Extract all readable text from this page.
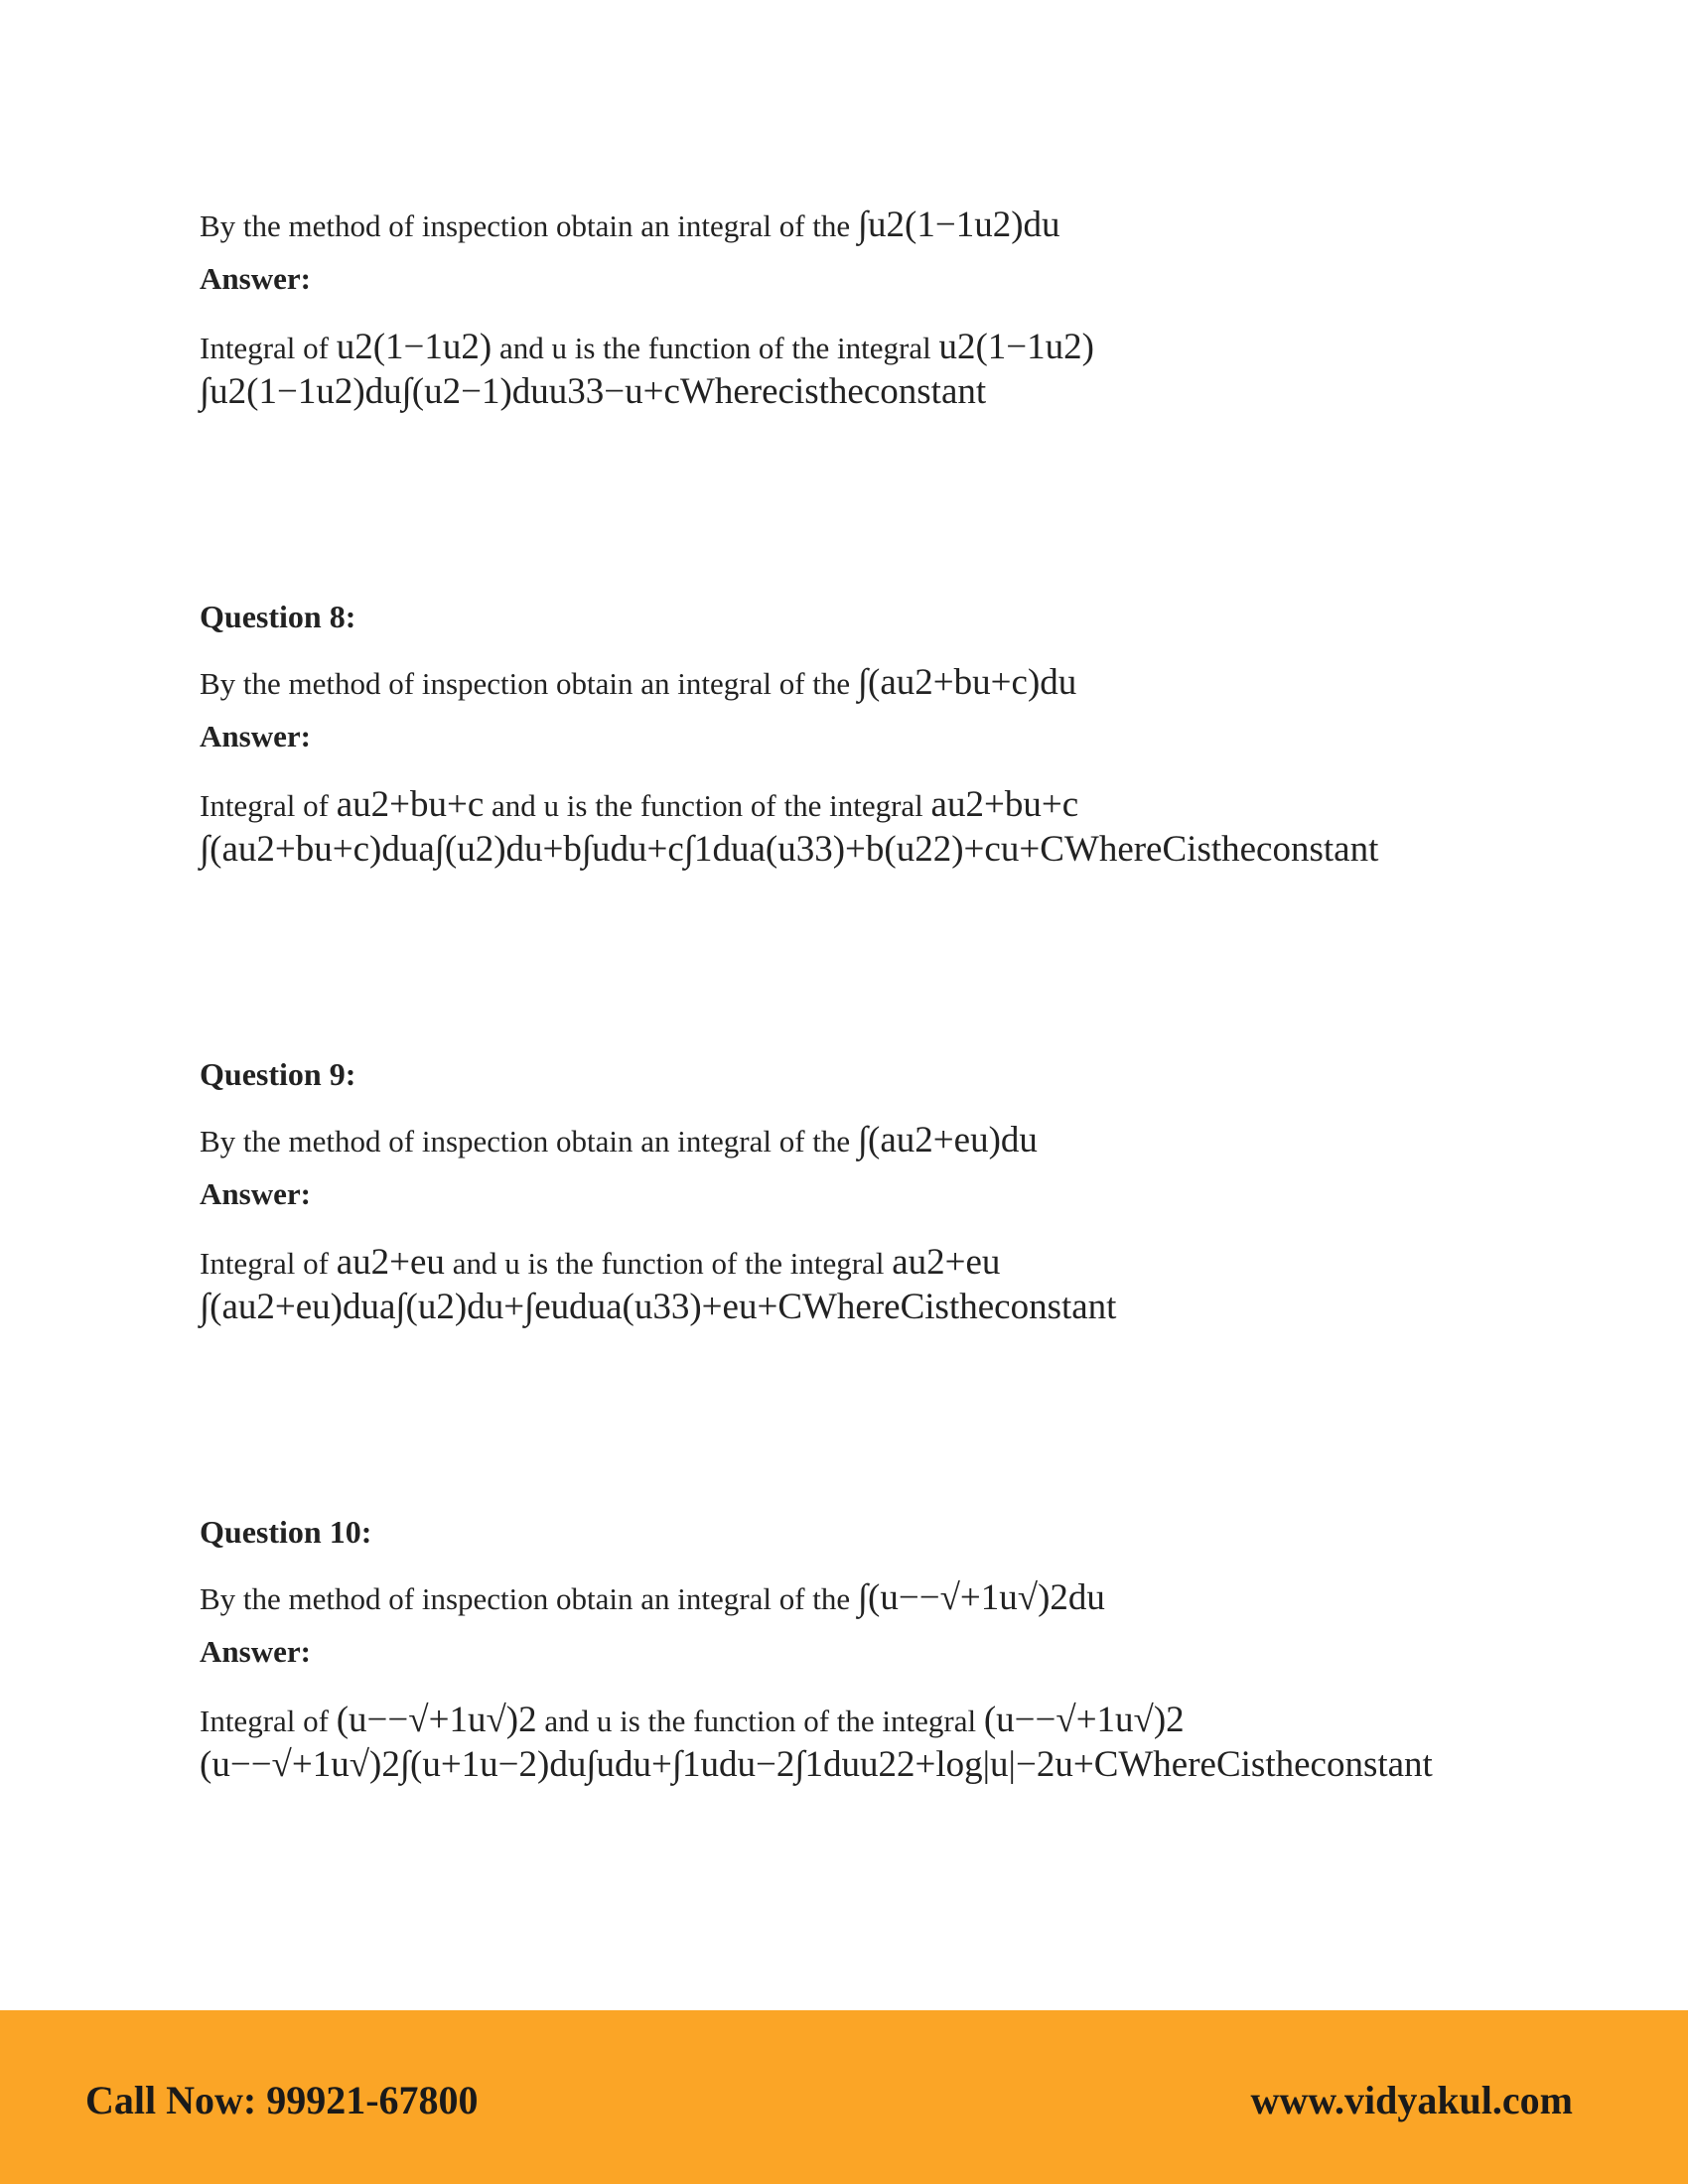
By the method of inspection obtain an integral of the ∫u2(1−1u2)du
Answer:
Integral of u2(1−1u2) and u is the function of the integral u2(1−1u2)
∫u2(1−1u2)du∫(u2−1)duu33−u+cWherecistheconstant
Question 8:
By the method of inspection obtain an integral of the ∫(au2+bu+c)du
Answer:
Integral of au2+bu+c and u is the function of the integral au2+bu+c
∫(au2+bu+c)dua∫(u2)du+b∫udu+c∫1dua(u33)+b(u22)+cu+CWhereCistheconstant
Question 9:
By the method of inspection obtain an integral of the ∫(au2+eu)du
Answer:
Integral of au2+eu and u is the function of the integral au2+eu
∫(au2+eu)dua∫(u2)du+∫eudua(u33)+eu+CWhereCistheconstant
Question 10:
By the method of inspection obtain an integral of the ∫(u−−√+1u√)2du
Answer:
Integral of (u−−√+1u√)2 and u is the function of the integral (u−−√+1u√)2
(u−−√+1u√)2∫(u+1u−2)du∫udu+∫1udu−2∫1duu22+log|u|−2u+CWhereCistheconstant
Call Now: 99921-67800	www.vidyakul.com
